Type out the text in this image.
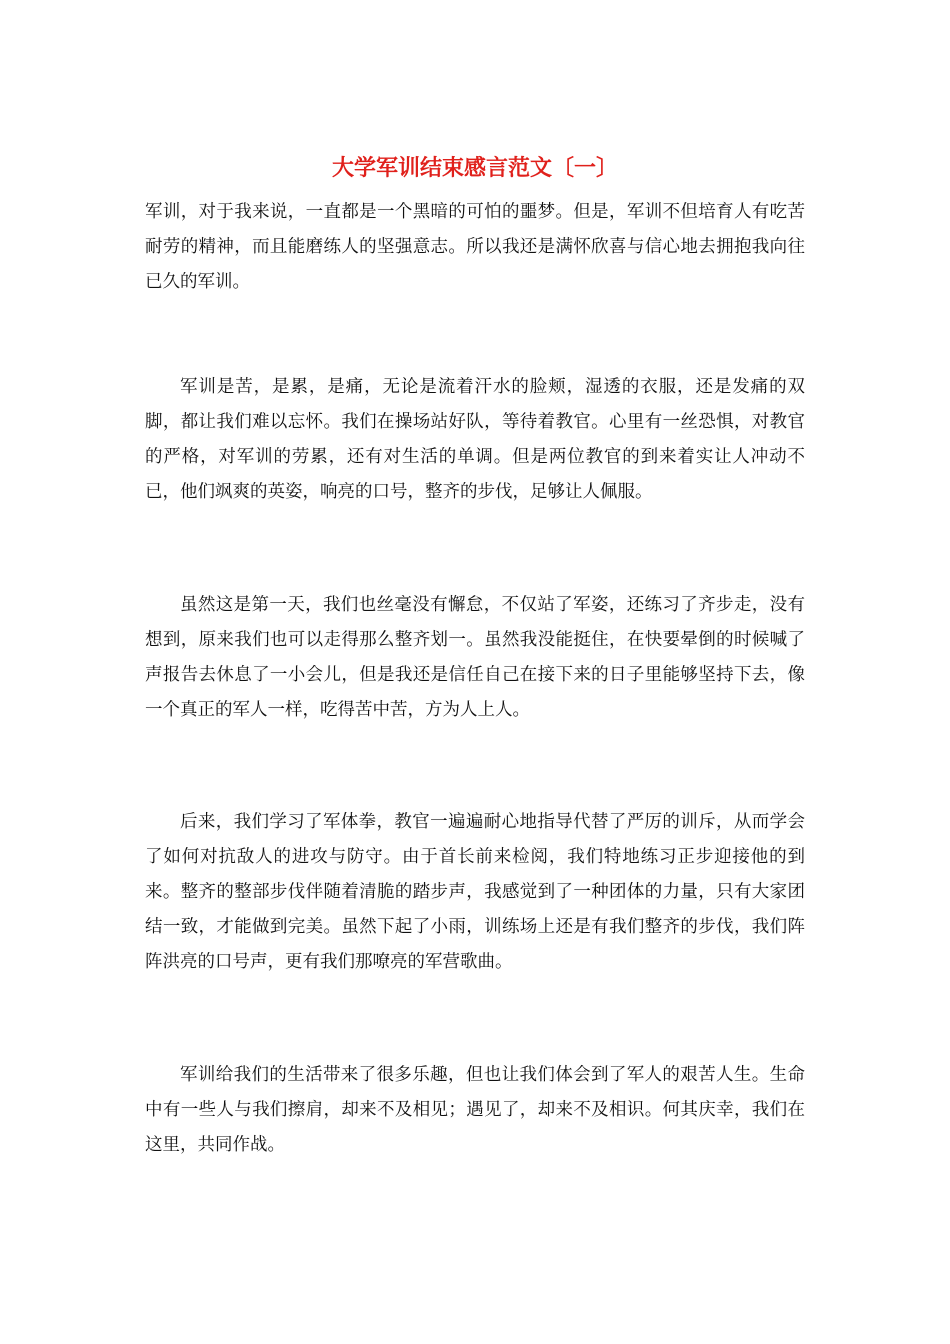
大学军训结束感言范文〔一〕

军训，对于我来说，一直都是一个黑暗的可怕的噩梦。但是，军训不但培育人有吃苦耐劳的精神，而且能磨练人的坚强意志。所以我还是满怀欣喜与信心地去拥抱我向往已久的军训。

军训是苦，是累，是痛，无论是流着汗水的脸颊，湿透的衣服，还是发痛的双脚，都让我们难以忘怀。我们在操场站好队，等待着教官。心里有一丝恐惧，对教官的严格，对军训的劳累，还有对生活的单调。但是两位教官的到来着实让人冲动不已，他们飒爽的英姿，响亮的口号，整齐的步伐，足够让人佩服。

虽然这是第一天，我们也丝毫没有懈怠，不仅站了军姿，还练习了齐步走，没有想到，原来我们也可以走得那么整齐划一。虽然我没能挺住，在快要晕倒的时候喊了声报告去休息了一小会儿，但是我还是信任自己在接下来的日子里能够坚持下去，像一个真正的军人一样，吃得苦中苦，方为人上人。

后来，我们学习了军体拳，教官一遍遍耐心地指导代替了严厉的训斥，从而学会了如何对抗敌人的进攻与防守。由于首长前来检阅，我们特地练习正步迎接他的到来。整齐的整部步伐伴随着清脆的踏步声，我感觉到了一种团体的力量，只有大家团结一致，才能做到完美。虽然下起了小雨，训练场上还是有我们整齐的步伐，我们阵阵洪亮的口号声，更有我们那嘹亮的军营歌曲。

军训给我们的生活带来了很多乐趣，但也让我们体会到了军人的艰苦人生。生命中有一些人与我们擦肩，却来不及相见；遇见了，却来不及相识。何其庆幸，我们在这里，共同作战。
